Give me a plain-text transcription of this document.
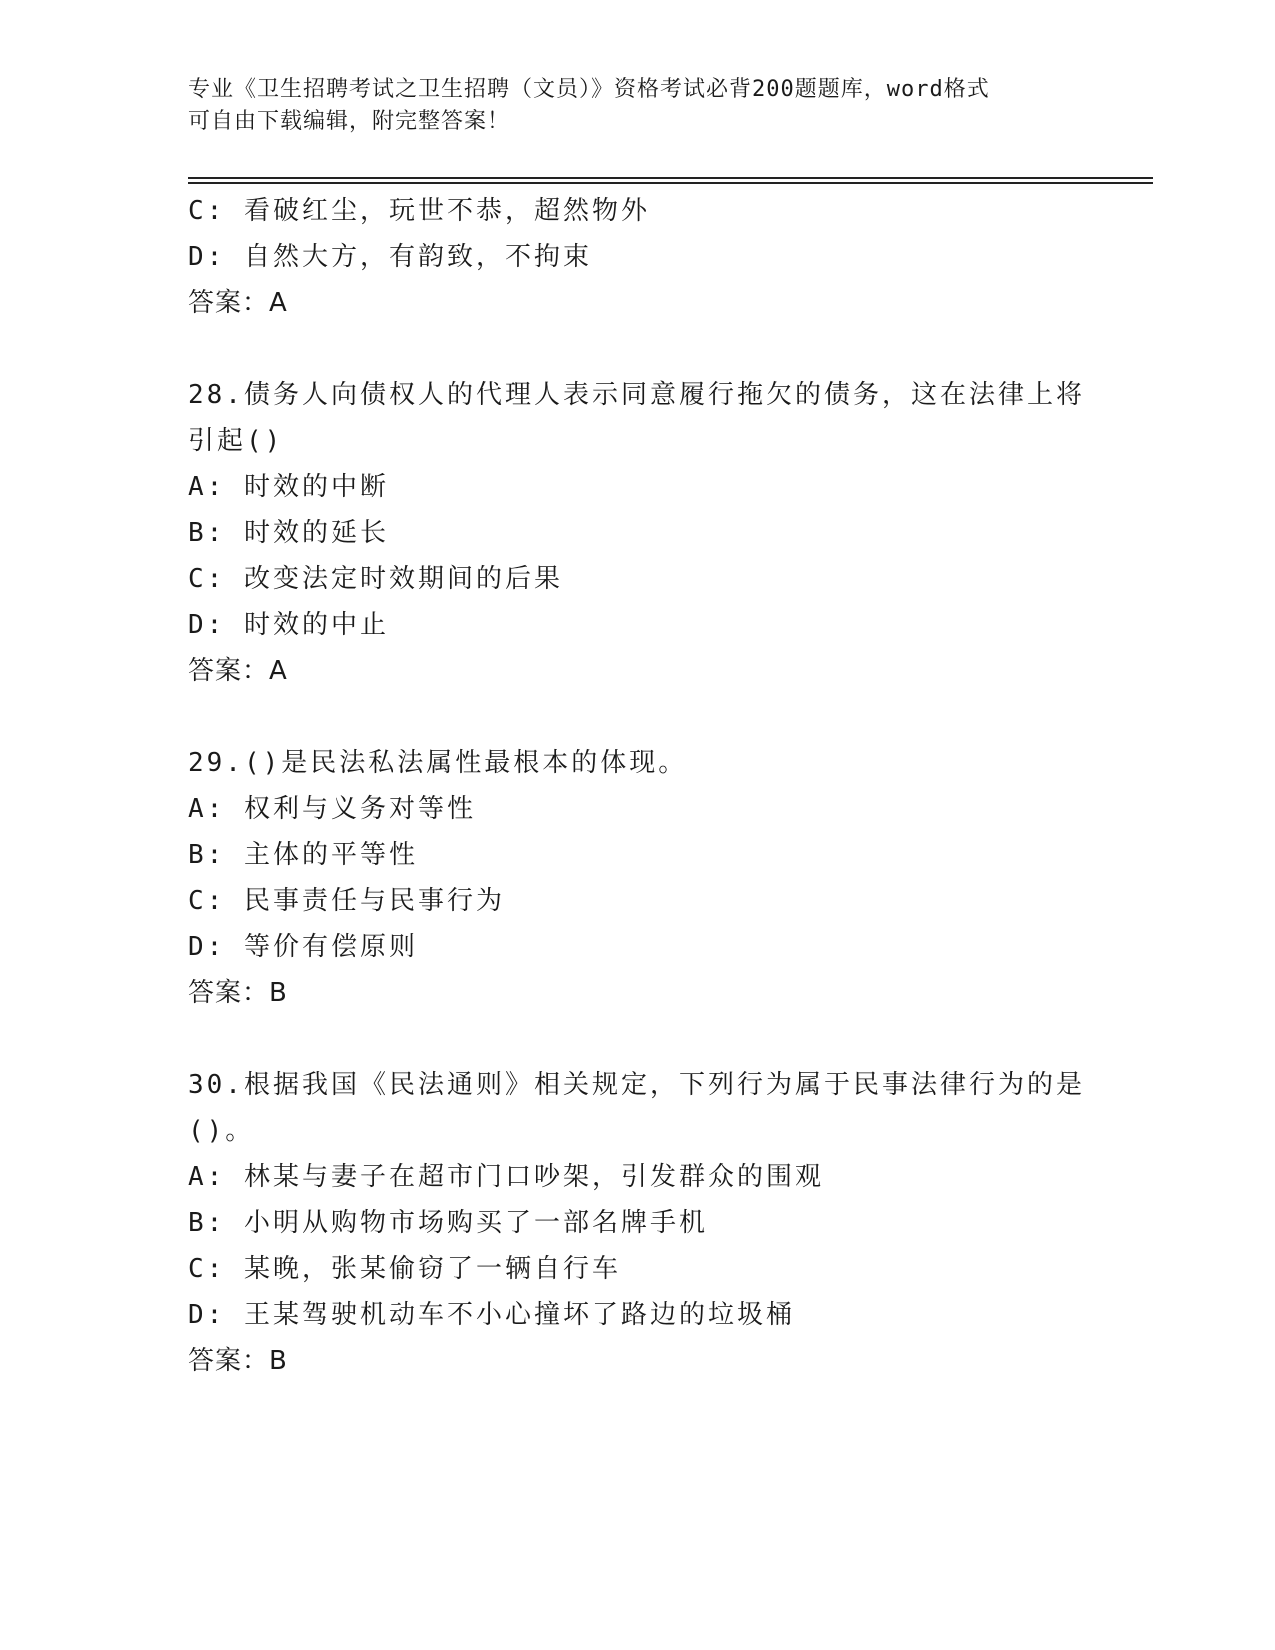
专业《卫生招聘考试之卫生招聘（文员）》资格考试必背200题题库，word格式
可自由下载编辑，附完整答案！
C: 看破红尘，玩世不恭，超然物外
D: 自然大方，有韵致，不拘束
答案：A
28.债务人向债权人的代理人表示同意履行拖欠的债务，这在法律上将
引起()
A: 时效的中断
B: 时效的延长
C: 改变法定时效期间的后果
D: 时效的中止
答案：A
29.()是民法私法属性最根本的体现。
A: 权利与义务对等性
B: 主体的平等性
C: 民事责任与民事行为
D: 等价有偿原则
答案：B
30.根据我国《民法通则》相关规定，下列行为属于民事法律行为的是
()。
A: 林某与妻子在超市门口吵架，引发群众的围观
B: 小明从购物市场购买了一部名牌手机
C: 某晚，张某偷窃了一辆自行车
D: 王某驾驶机动车不小心撞坏了路边的垃圾桶
答案：B
